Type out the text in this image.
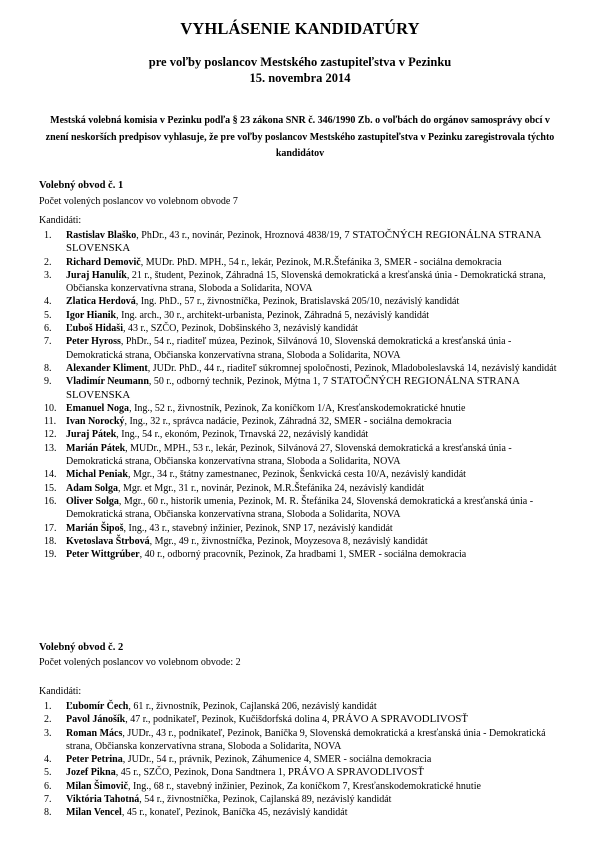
VYHLÁSENIE KANDIDATÚRY
pre voľby poslancov Mestského zastupiteľstva v Pezinku
15. novembra 2014
Mestská volebná komisia v Pezinku podľa § 23 zákona SNR č. 346/1990 Zb. o voľbách do orgánov samosprávy obcí v znení neskorších predpisov vyhlasuje, že pre voľby poslancov Mestského zastupiteľstva v Pezinku zaregistrovala týchto kandidátov
Volebný obvod č. 1
Počet volených poslancov vo volebnom obvode 7
Kandidáti:
1. Rastislav Blaško, PhDr., 43 r., novinár, Pezinok, Hroznová 4838/19, 7 STATOČNÝCH REGIONÁLNA STRANA SLOVENSKA
2. Richard Demovič, MUDr. PhD. MPH., 54 r., lekár, Pezinok, M.R.Štefánika 3, SMER - sociálna demokracia
3. Juraj Hanulík, 21 r., študent, Pezinok, Záhradná 15, Slovenská demokratická a kresťanská únia - Demokratická strana, Občianska konzervatívna strana, Sloboda a Solidarita, NOVA
4. Zlatica Herdová, Ing. PhD., 57 r., živnostníčka, Pezinok, Bratislavská 205/10, nezávislý kandidát
5. Igor Hianik, Ing. arch., 30 r., architekt-urbanista, Pezinok, Záhradná 5, nezávislý kandidát
6. Ľuboš Hidaši, 43 r., SZČO, Pezinok, Dobšinského 3, nezávislý kandidát
7. Peter Hyross, PhDr., 54 r., riaditeľ múzea, Pezinok, Silvánová 10, Slovenská demokratická a kresťanská únia - Demokratická strana, Občianska konzervatívna strana, Sloboda a Solidarita, NOVA
8. Alexander Kliment, JUDr. PhD., 44 r., riaditeľ súkromnej spoločnosti, Pezinok, Mladoboleslavská 14, nezávislý kandidát
9. Vladimír Neumann, 50 r., odborný technik, Pezinok, Mýtna 1, 7 STATOČNÝCH REGIONÁLNA STRANA SLOVENSKA
10. Emanuel Noga, Ing., 52 r., živnostník, Pezinok, Za koníčkom 1/A, Kresťanskodemokratické hnutie
11. Ivan Norocký, Ing., 32 r., správca nadácie, Pezinok, Záhradná 32, SMER - sociálna demokracia
12. Juraj Pátek, Ing., 54 r., ekonóm, Pezinok, Trnavská 22, nezávislý kandidát
13. Marián Pátek, MUDr., MPH., 53 r., lekár, Pezinok, Silvánová 27, Slovenská demokratická a kresťanská únia - Demokratická strana, Občianska konzervatívna strana, Sloboda a Solidarita, NOVA
14. Michal Peniak, Mgr., 34 r., štátny zamestnanec, Pezinok, Šenkvická cesta 10/A, nezávislý kandidát
15. Adam Solga, Mgr. et Mgr., 31 r., novinár, Pezinok, M.R.Štefánika 24, nezávislý kandidát
16. Oliver Solga, Mgr., 60 r., historik umenia, Pezinok, M. R. Štefánika 24, Slovenská demokratická a kresťanská únia - Demokratická strana, Občianska konzervatívna strana, Sloboda a Solidarita, NOVA
17. Marián Šipoš, Ing., 43 r., stavebný inžinier, Pezinok, SNP 17, nezávislý kandidát
18. Kvetoslava Štrbová, Mgr., 49 r., živnostníčka, Pezinok, Moyzesova 8, nezávislý kandidát
19. Peter Wittgrúber, 40 r., odborný pracovník, Pezinok, Za hradbami 1, SMER - sociálna demokracia
Volebný obvod č. 2
Počet volených poslancov vo volebnom obvode: 2
Kandidáti:
1. Ľubomír Čech, 61 r., živnostník, Pezinok, Cajlanská 206, nezávislý kandidát
2. Pavol Jánošík, 47 r., podnikateľ, Pezinok, Kučišdorfská dolina 4, PRÁVO A SPRAVODLIVOSŤ
3. Roman Mács, JUDr., 43 r., podnikateľ, Pezinok, Baníčka 9, Slovenská demokratická a kresťanská únia - Demokratická strana, Občianska konzervatívna strana, Sloboda a Solidarita, NOVA
4. Peter Petrina, JUDr., 54 r., právnik, Pezinok, Záhumenice 4, SMER - sociálna demokracia
5. Jozef Pikna, 45 r., SZČO, Pezinok, Dona Sandtnera 1, PRÁVO A SPRAVODLIVOSŤ
6. Milan Šimovič, Ing., 68 r., stavebný inžinier, Pezinok, Za koníčkom 7, Kresťanskodemokratické hnutie
7. Viktória Tahotná, 54 r., živnostníčka, Pezinok, Cajlanská 89, nezávislý kandidát
8. Milan Vencel, 45 r., konateľ, Pezinok, Baníčka 45, nezávislý kandidát
